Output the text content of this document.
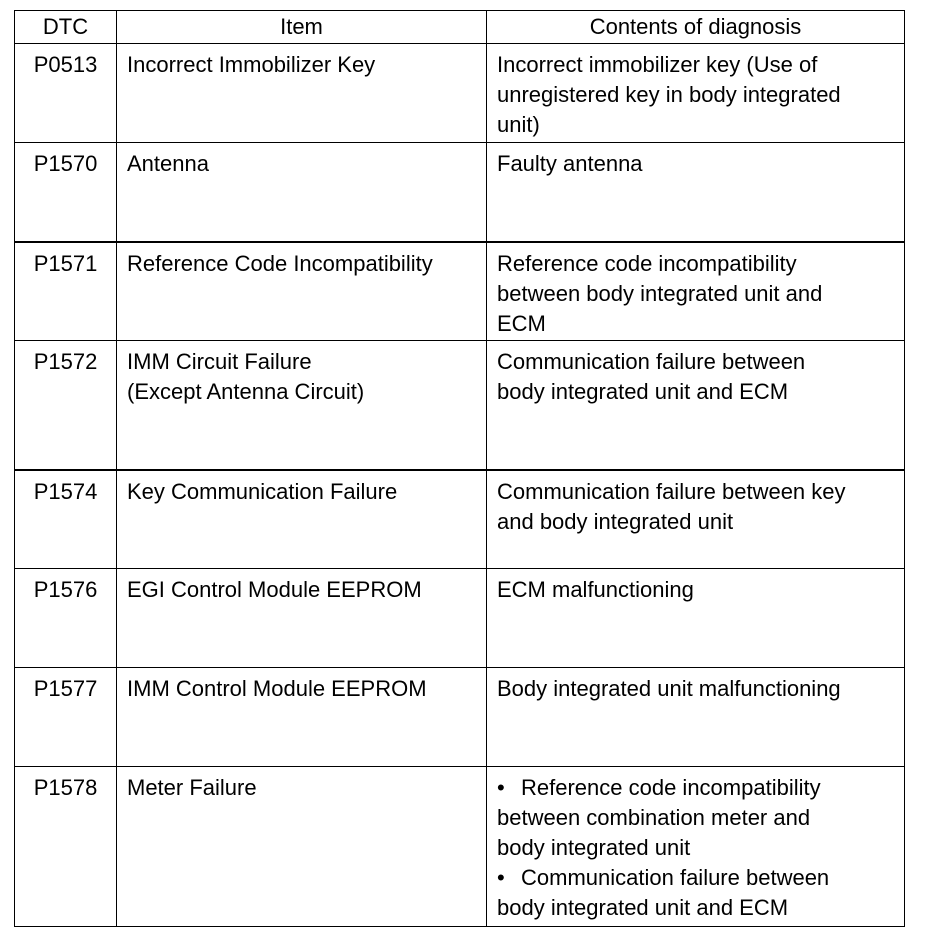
DTC	Item	Contents of diagnosis
P0513	Incorrect Immobilizer Key	Incorrect immobilizer key (Use of
unregistered key in body integrated
unit)

P1570	Antenna	Faulty antenna

P1571	Reference Code Incompatibility	Reference code incompatibility
between body integrated unit and
ECM

P1572	IMM Circuit Failure
(Except Antenna Circuit)	Communication failure between
body integrated unit and ECM

P1574	Key Communication Failure	Communication failure between key
and body integrated unit

P1576	EGI Control Module EEPROM	ECM malfunctioning

P1577	IMM Control Module EEPROM	Body integrated unit malfunctioning

P1578	Meter Failure	• Reference code incompatibility
between combination meter and
body integrated unit
• Communication failure between
body integrated unit and ECM
